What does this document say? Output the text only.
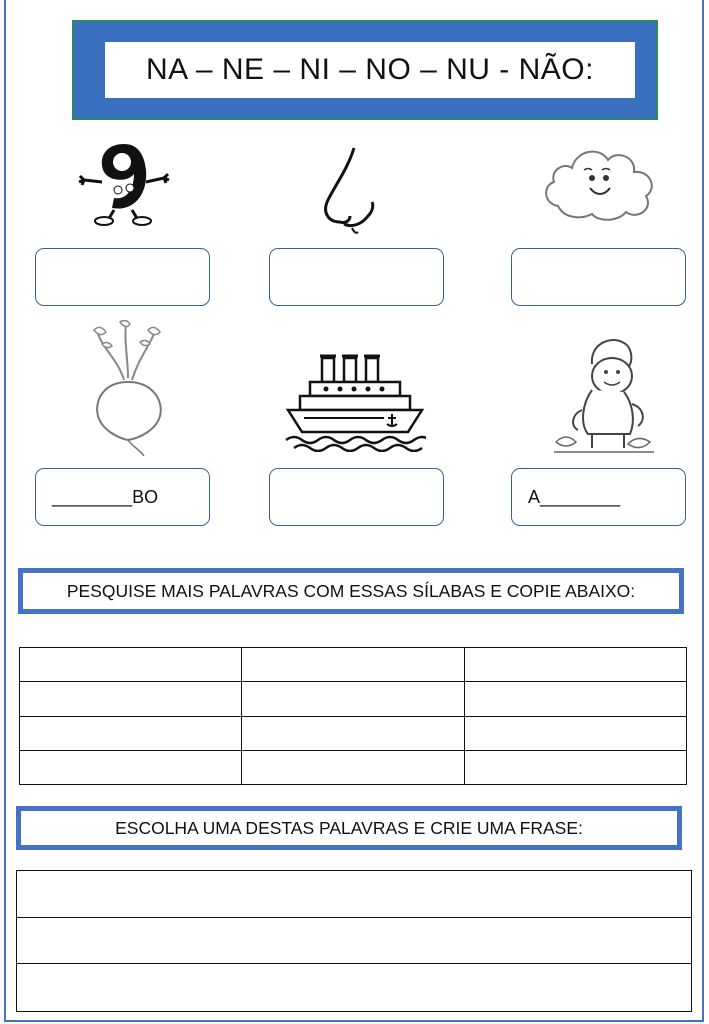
NA – NE – NI – NO – NU - NÃO:
________BO	A________
PESQUISE MAIS PALAVRAS COM ESSAS SÍLABAS E COPIE ABAIXO:

ESCOLHA UMA DESTAS PALAVRAS E CRIE UMA FRASE:
